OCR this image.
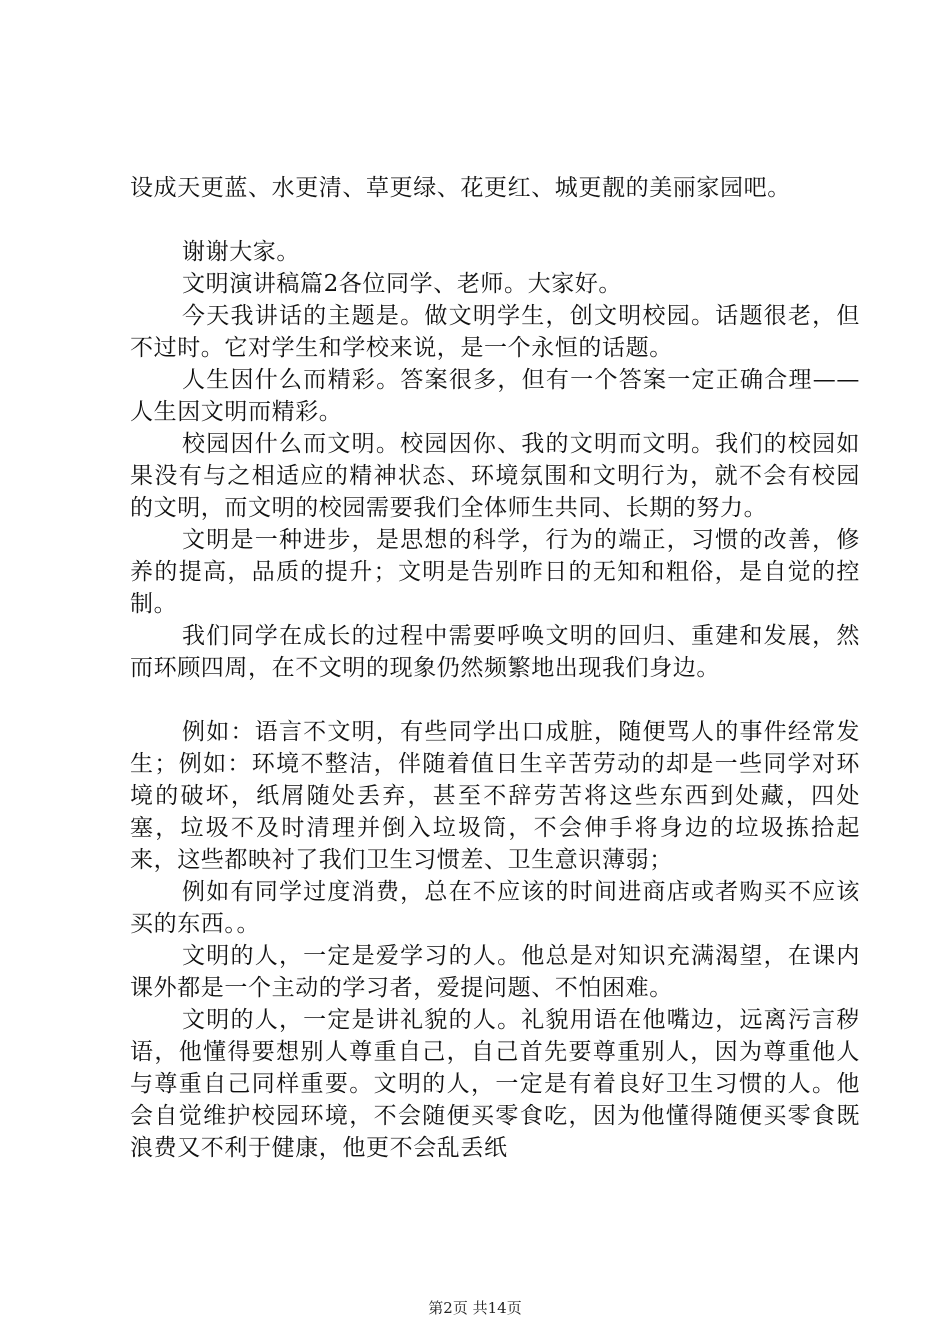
设成天更蓝、水更清、草更绿、花更红、城更靓的美丽家园吧。

谢谢大家。

文明演讲稿篇2各位同学、老师。大家好。

今天我讲话的主题是。做文明学生，创文明校园。话题很老，但不过时。它对学生和学校来说，是一个永恒的话题。

人生因什么而精彩。答案很多，但有一个答案一定正确合理——人生因文明而精彩。

校园因什么而文明。校园因你、我的文明而文明。我们的校园如果没有与之相适应的精神状态、环境氛围和文明行为，就不会有校园的文明，而文明的校园需要我们全体师生共同、长期的努力。

文明是一种进步，是思想的科学，行为的端正，习惯的改善，修养的提高，品质的提升；文明是告别昨日的无知和粗俗，是自觉的控制。

我们同学在成长的过程中需要呼唤文明的回归、重建和发展，然而环顾四周，在不文明的现象仍然频繁地出现我们身边。

例如：语言不文明，有些同学出口成脏，随便骂人的事件经常发生；例如：环境不整洁，伴随着值日生辛苦劳动的却是一些同学对环境的破坏，纸屑随处丢弃，甚至不辞劳苦将这些东西到处藏，四处塞，垃圾不及时清理并倒入垃圾筒，不会伸手将身边的垃圾拣拾起来，这些都映衬了我们卫生习惯差、卫生意识薄弱；

例如有同学过度消费，总在不应该的时间进商店或者购买不应该买的东西。。

文明的人，一定是爱学习的人。他总是对知识充满渴望，在课内课外都是一个主动的学习者，爱提问题、不怕困难。

文明的人，一定是讲礼貌的人。礼貌用语在他嘴边，远离污言秽语，他懂得要想别人尊重自己，自己首先要尊重别人，因为尊重他人与尊重自己同样重要。文明的人，一定是有着良好卫生习惯的人。他会自觉维护校园环境，不会随便买零食吃，因为他懂得随便买零食既浪费又不利于健康，他更不会乱丢纸

第2页 共14页
